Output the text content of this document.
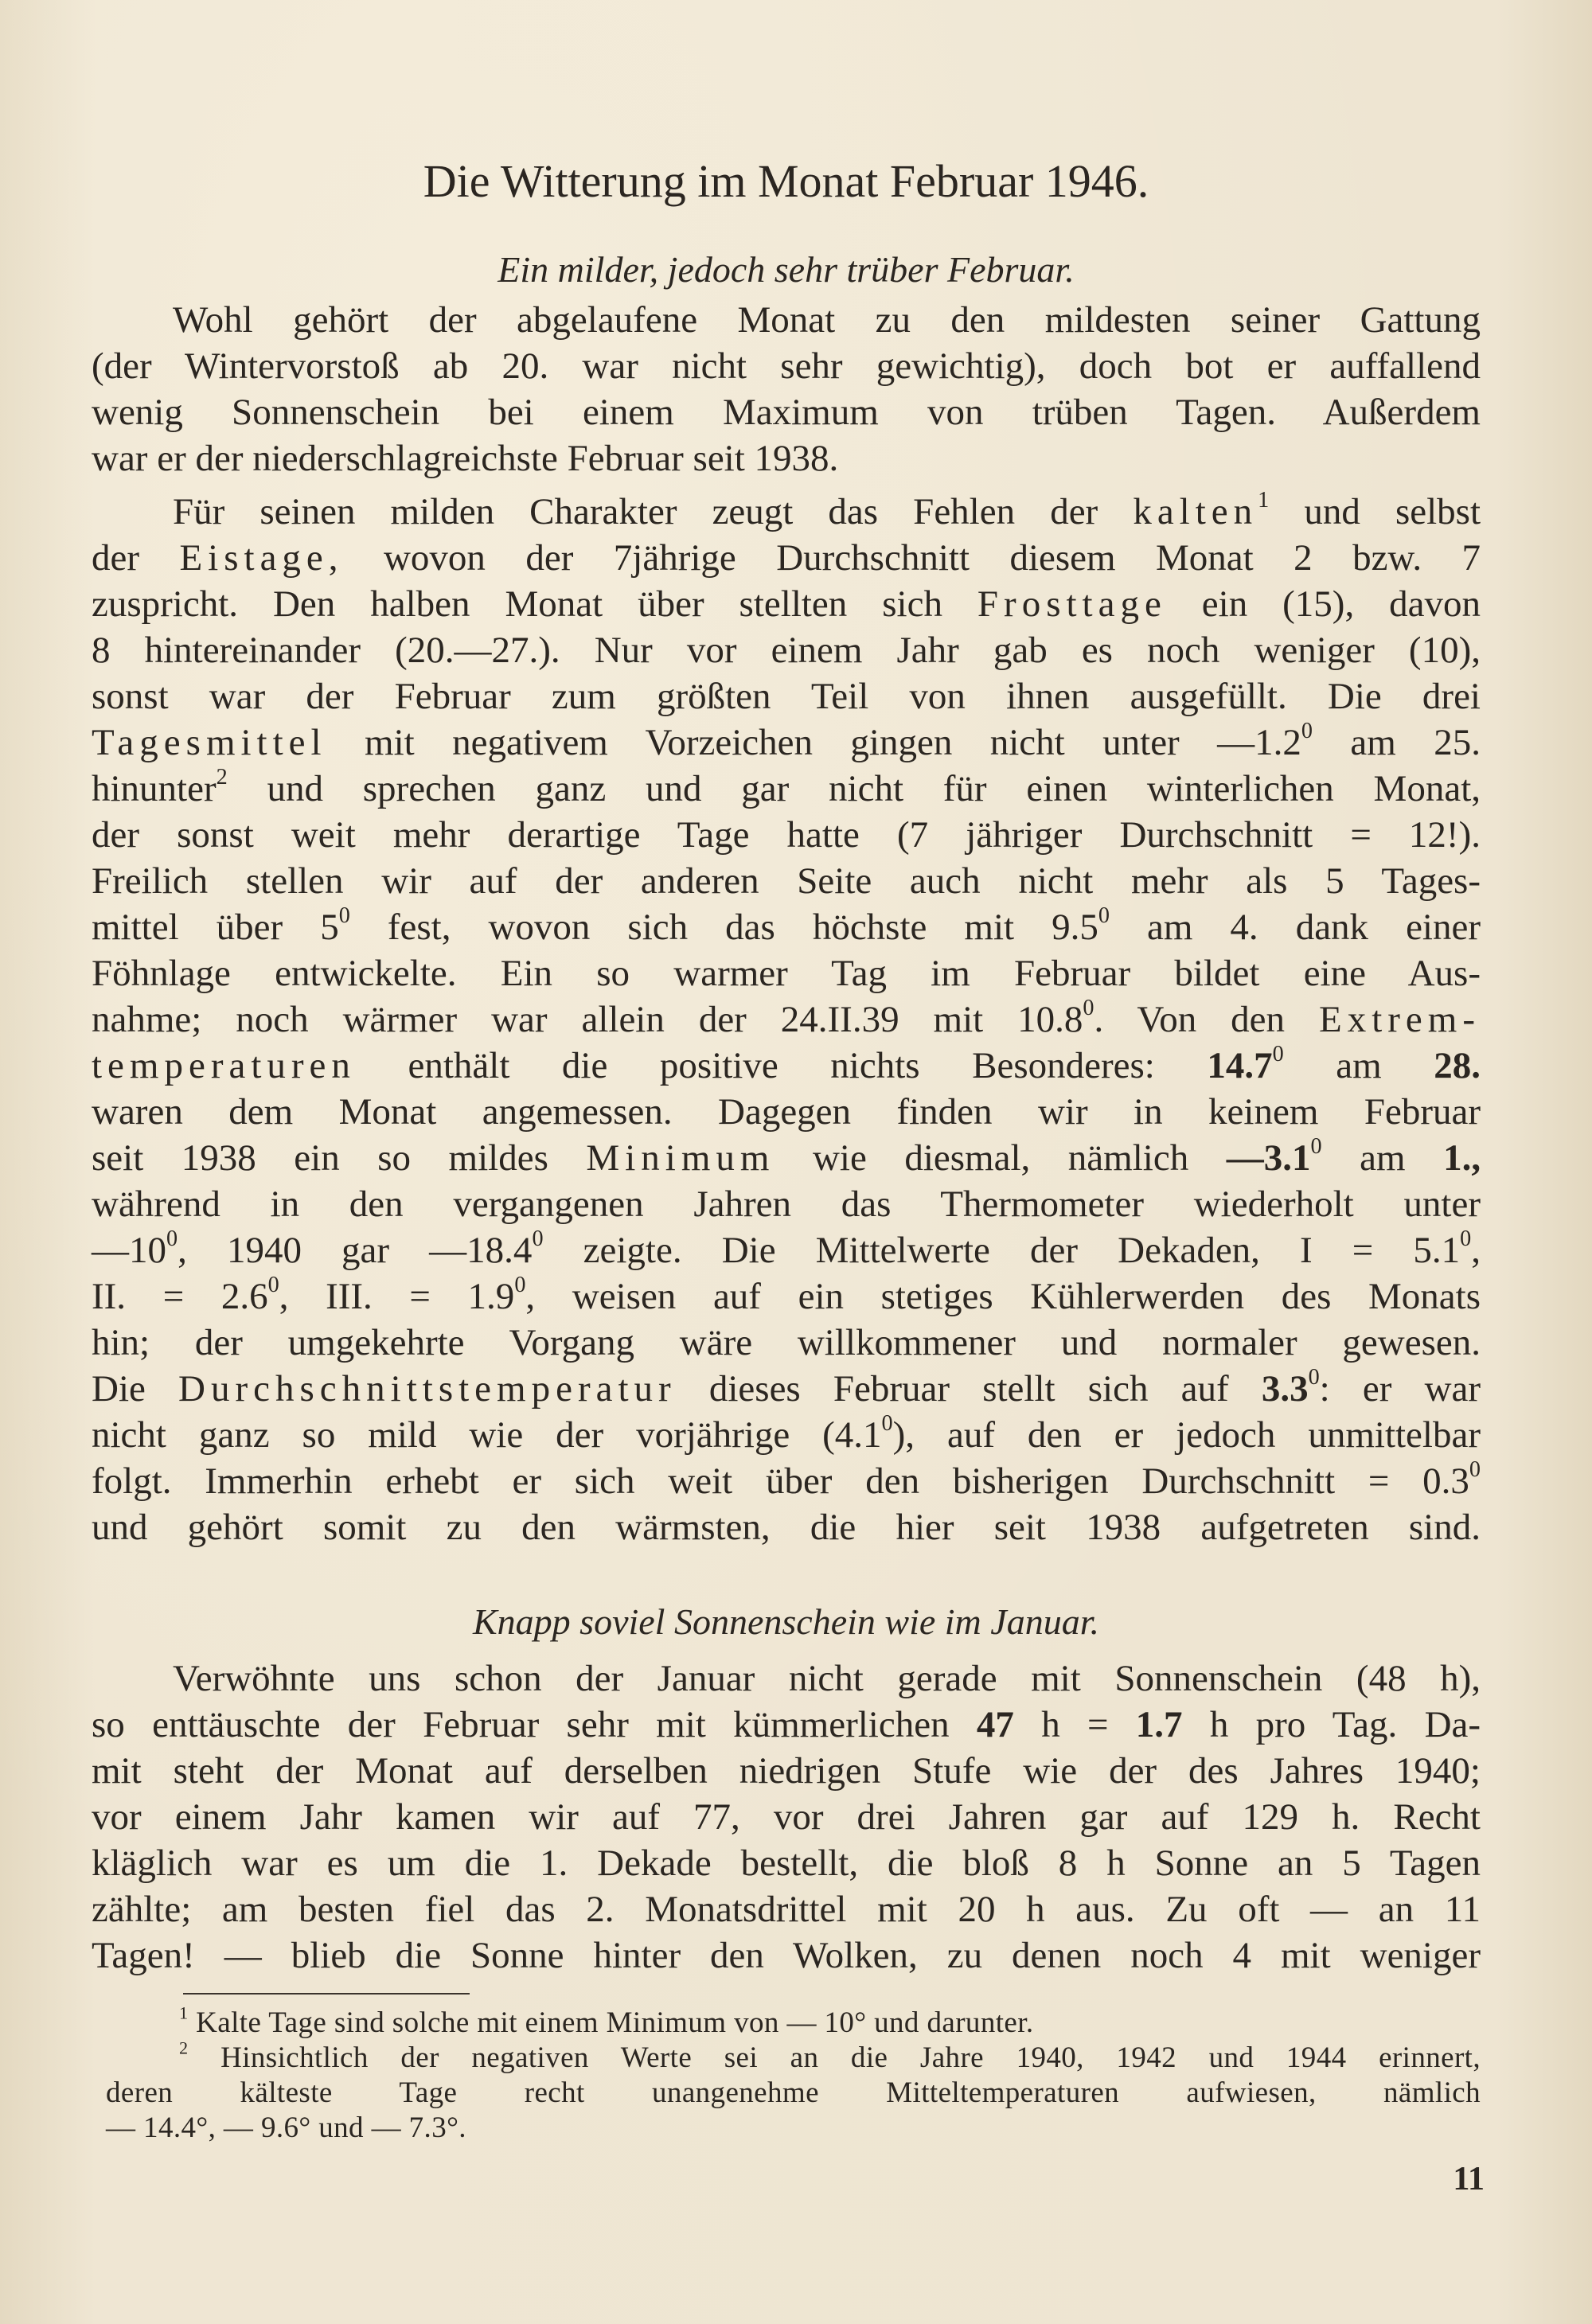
Die Witterung im Monat Februar 1946.
Ein milder, jedoch sehr trüber Februar.
Wohl gehört der abgelaufene Monat zu den mildesten seiner Gattung
(der Wintervorstoß ab 20. war nicht sehr gewichtig), doch bot er auffallend
wenig Sonnenschein bei einem Maximum von trüben Tagen. Außerdem
war er der niederschlagreichste Februar seit 1938.
Für seinen milden Charakter zeugt das Fehlen der kalten$^1$ und selbst
der Eistage, wovon der 7jährige Durchschnitt diesem Monat 2 bzw. 7
zuspricht. Den halben Monat über stellten sich Frosttage ein (15), davon
8 hintereinander (20.—27.). Nur vor einem Jahr gab es noch weniger (10),
sonst war der Februar zum größten Teil von ihnen ausgefüllt. Die drei
Tagesmittel mit negativem Vorzeichen gingen nicht unter $—1.2^0$ am 25.
hinunter$^2$ und sprechen ganz und gar nicht für einen winterlichen Monat,
der sonst weit mehr derartige Tage hatte (7 jähriger Durchschnitt = 12!).
Freilich stellen wir auf der anderen Seite auch nicht mehr als 5 Tages-
mittel über $5^0$ fest, wovon sich das höchste mit $9.5^0$ am 4. dank einer
Föhnlage entwickelte. Ein so warmer Tag im Februar bildet eine Aus-
nahme; noch wärmer war allein der 24.II.39 mit 10.8$^0$. Von den Extrem-
temperaturen enthält die positive nichts Besonderes: 14.7$^0$ am 28.
waren dem Monat angemessen. Dagegen finden wir in keinem Februar
seit 1938 ein so mildes Minimum wie diesmal, nämlich $—3.1^0$ am 1.,
während in den vergangenen Jahren das Thermometer wiederholt unter
$—10^0$, 1940 gar —18.4$^0$ zeigte. Die Mittelwerte der Dekaden, $I = 5.1^0$,
II. = $2.6^0$, III. = $1.9^0$, weisen auf ein stetiges Kühlerwerden des Monats
hin; der umgekehrte Vorgang wäre willkommener und normaler gewesen.
Die Durchschnittstemperatur dieses Februar stellt sich auf $3.3^0$: er war
nicht ganz so mild wie der vorjährige $(4.1^0)$, auf den er jedoch unmittelbar
folgt. Immerhin erhebt er sich weit über den bisherigen Durchschnitt = $0.3^0$
und gehört somit zu den wärmsten, die hier seit 1938 aufgetreten sind.
Knapp soviel Sonnenschein wie im Januar.
Verwöhnte uns schon der Januar nicht gerade mit Sonnenschein (48 h),
so enttäuschte der Februar sehr mit kümmerlichen 47 h = 1.7 h pro Tag. Da-
mit steht der Monat auf derselben niedrigen Stufe wie der des Jahres 1940;
vor einem Jahr kamen wir auf 77, vor drei Jahren gar auf 129 h. Recht
kläglich war es um die 1. Dekade bestellt, die bloß 8 h Sonne an 5 Tagen
zählte; am besten fiel das 2. Monatsdrittel mit 20 h aus. Zu oft — an 11
Tagen! — blieb die Sonne hinter den Wolken, zu denen noch 4 mit weniger
$^1$ Kalte Tage sind solche mit einem Minimum von — 10° und darunter.
$^2$ Hinsichtlich der negativen Werte sei an die Jahre 1940, 1942 und 1944 erinnert,
deren kälteste Tage recht unangenehme Mitteltemperaturen aufwiesen, nämlich
— 14.4°, — 9.6° und — 7.3°.
11
